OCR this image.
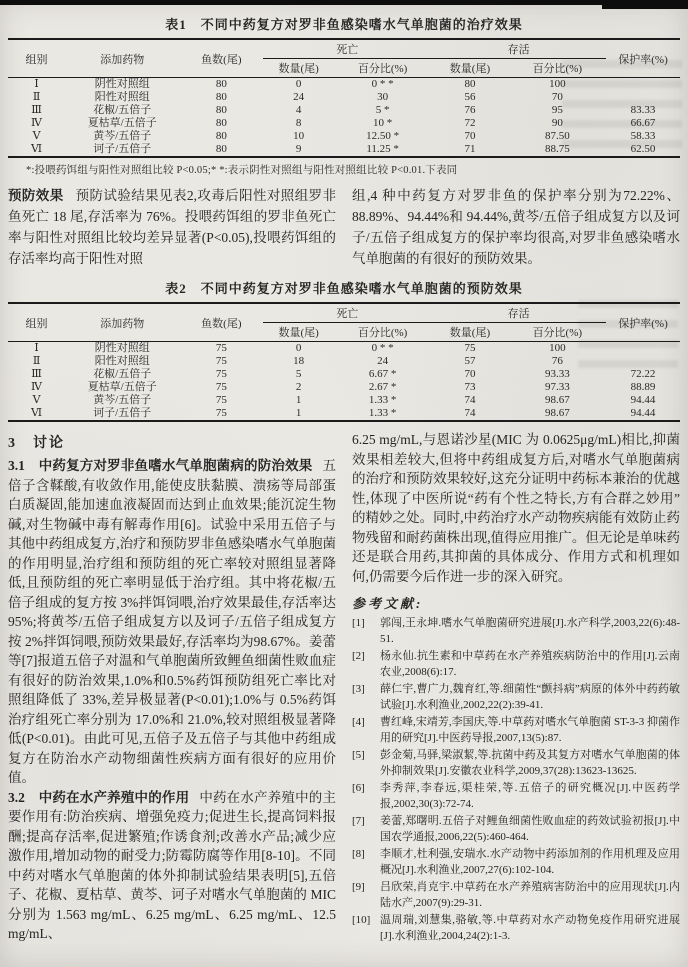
表1　不同中药复方对罗非鱼感染嗜水气单胞菌的治疗效果
组别	添加药物	鱼数(尾)	死亡		存活		保护率(%)
			数量(尾)	百分比(%)	数量(尾)	百分比(%)	
Ⅰ	阴性对照组	80	0	0 * *	80	100	
Ⅱ	阳性对照组	80	24	30	56	70	
Ⅲ	花椒/五倍子	80	4	5 *	76	95	83.33
Ⅳ	夏枯草/五倍子	80	8	10 *	72	90	66.67
Ⅴ	黄芩/五倍子	80	10	12.50 *	70	87.50	58.33
Ⅵ	诃子/五倍子	80	9	11.25 *	71	88.75	62.50
*:投喂药饵组与阳性对照组比较 P<0.05;* *:表示阴性对照组与阳性对照组比较 P<0.01.下表同

预防效果 预防试验结果见表2,攻毒后阳性对照组罗非鱼死亡 18 尾,存活率为 76%。投喂药饵组的罗非鱼死亡率与阳性对照组比较均差异显著(P<0.05),投喂药饵组的存活率均高于阳性对照

组,4 种中药复方对罗非鱼的保护率分别为72.22%、88.89%、94.44%和 94.44%,黄芩/五倍子组成复方以及诃子/五倍子组成复方的保护率均很高,对罗非鱼感染嗜水气单胞菌的有很好的预防效果。

表2　不同中药复方对罗非鱼感染嗜水气单胞菌的预防效果
组别	添加药物	鱼数(尾)	死亡		存活		保护率(%)
			数量(尾)	百分比(%)	数量(尾)	百分比(%)	
Ⅰ	阴性对照组	75	0	0 * *	75	100	
Ⅱ	阳性对照组	75	18	24	57	76	
Ⅲ	花椒/五倍子	75	5	6.67 *	70	93.33	72.22
Ⅳ	夏枯草/五倍子	75	2	2.67 *	73	97.33	88.89
Ⅴ	黄芩/五倍子	75	1	1.33 *	74	98.67	94.44
Ⅵ	诃子/五倍子	75	1	1.33 *	74	98.67	94.44
3　讨论

3.1　中药复方对罗非鱼嗜水气单胞菌病的防治效果 五倍子含鞣酸,有收敛作用,能使皮肤黏膜、溃疡等局部蛋白质凝固,能加速血液凝固而达到止血效果;能沉淀生物碱,对生物碱中毒有解毒作用[6]。试验中采用五倍子与其他中药组成复方,治疗和预防罗非鱼感染嗜水气单胞菌的作用明显,治疗组和预防组的死亡率较对照组显著降低,且预防组的死亡率明显低于治疗组。其中将花椒/五倍子组成的复方按 3%拌饵饲喂,治疗效果最佳,存活率达95%;将黄芩/五倍子组成复方以及诃子/五倍子组成复方按 2%拌饵饲喂,预防效果最好,存活率均为98.67%。姜蕾等[7]报道五倍子对温和气单胞菌所致鲤鱼细菌性败血症有很好的防治效果,1.0%和0.5%药饵预防组死亡率比对照组降低了 33%,差异极显著(P<0.01);1.0%与 0.5%药饵治疗组死亡率分别为 17.0%和 21.0%,较对照组极显著降低(P<0.01)。由此可见,五倍子及五倍子与其他中药组成复方在防治水产动物细菌性疾病方面有很好的应用价值。

3.2　中药在水产养殖中的作用 中药在水产养殖中的主要作用有:防治疾病、增强免疫力;促进生长,提高饲料报酬;提高存活率,促进繁殖;作诱食剂;改善水产品;减少应激作用,增加动物的耐受力;防霉防腐等作用[8-10]。不同中药对嗜水气单胞菌的体外抑制试验结果表明[5],五倍子、花椒、夏枯草、黄芩、诃子对嗜水气单胞菌的 MIC 分别为 1.563 mg/mL、6.25 mg/mL、6.25 mg/mL、12.5 mg/mL、

6.25 mg/mL,与恩诺沙星(MIC 为 0.0625μg/mL)相比,抑菌效果相差较大,但将中药组成复方后,对嗜水气单胞菌病的治疗和预防效果较好,这充分证明中药标本兼治的优越性,体现了中医所说“药有个性之特长,方有合群之妙用”的精妙之处。同时,中药治疗水产动物疾病能有效防止药物残留和耐药菌株出现,值得应用推广。但无论是单味药还是联合用药,其抑菌的具体成分、作用方式和机理如何,仍需要今后作进一步的深入研究。

参考文献:
[1]	郭闯,王永坤.嗜水气单胞菌研究进展[J].水产科学,2003,22(6):48-51.
[2]	杨永仙.抗生素和中草药在水产养殖疾病防治中的作用[J].云南农业,2008(6):17.
[3]	薛仁宇,曹广力,魏育红,等.细菌性“颤抖病”病原的体外中药药敏试验[J].水利渔业,2002,22(2):39-41.
[4]	曹红峰,宋靖芳,李国庆,等.中草药对嗜水气单胞菌 ST-3-3 抑菌作用的研究[J].中医药导报,2007,13(5):87.
[5]	彭金菊,马驿,梁淑絜,等.抗菌中药及其复方对嗜水气单胞菌的体外抑制效果[J].安徽农业科学,2009,37(28):13623-13625.
[6]	李秀萍,李春远,渠桂荣,等.五倍子的研究概况[J].中医药学报,2002,30(3):72-74.
[7]	姜蕾,郑曙明.五倍子对鲤鱼细菌性败血症的药效试验初报[J].中国农学通报,2006,22(5):460-464.
[8]	李顺才,杜利强,安瑞水.水产动物中药添加剂的作用机理及应用概况[J].水利渔业,2007,27(6):102-104.
[9]	吕欣荣,肖克宇.中草药在水产养殖病害防治中的应用现状[J].内陆水产,2007(9):29-31.
[10] 温周瑞,刘慧集,骆敏,等.中草药对水产动物免疫作用研究进展[J].水利渔业,2004,24(2):1-3.
